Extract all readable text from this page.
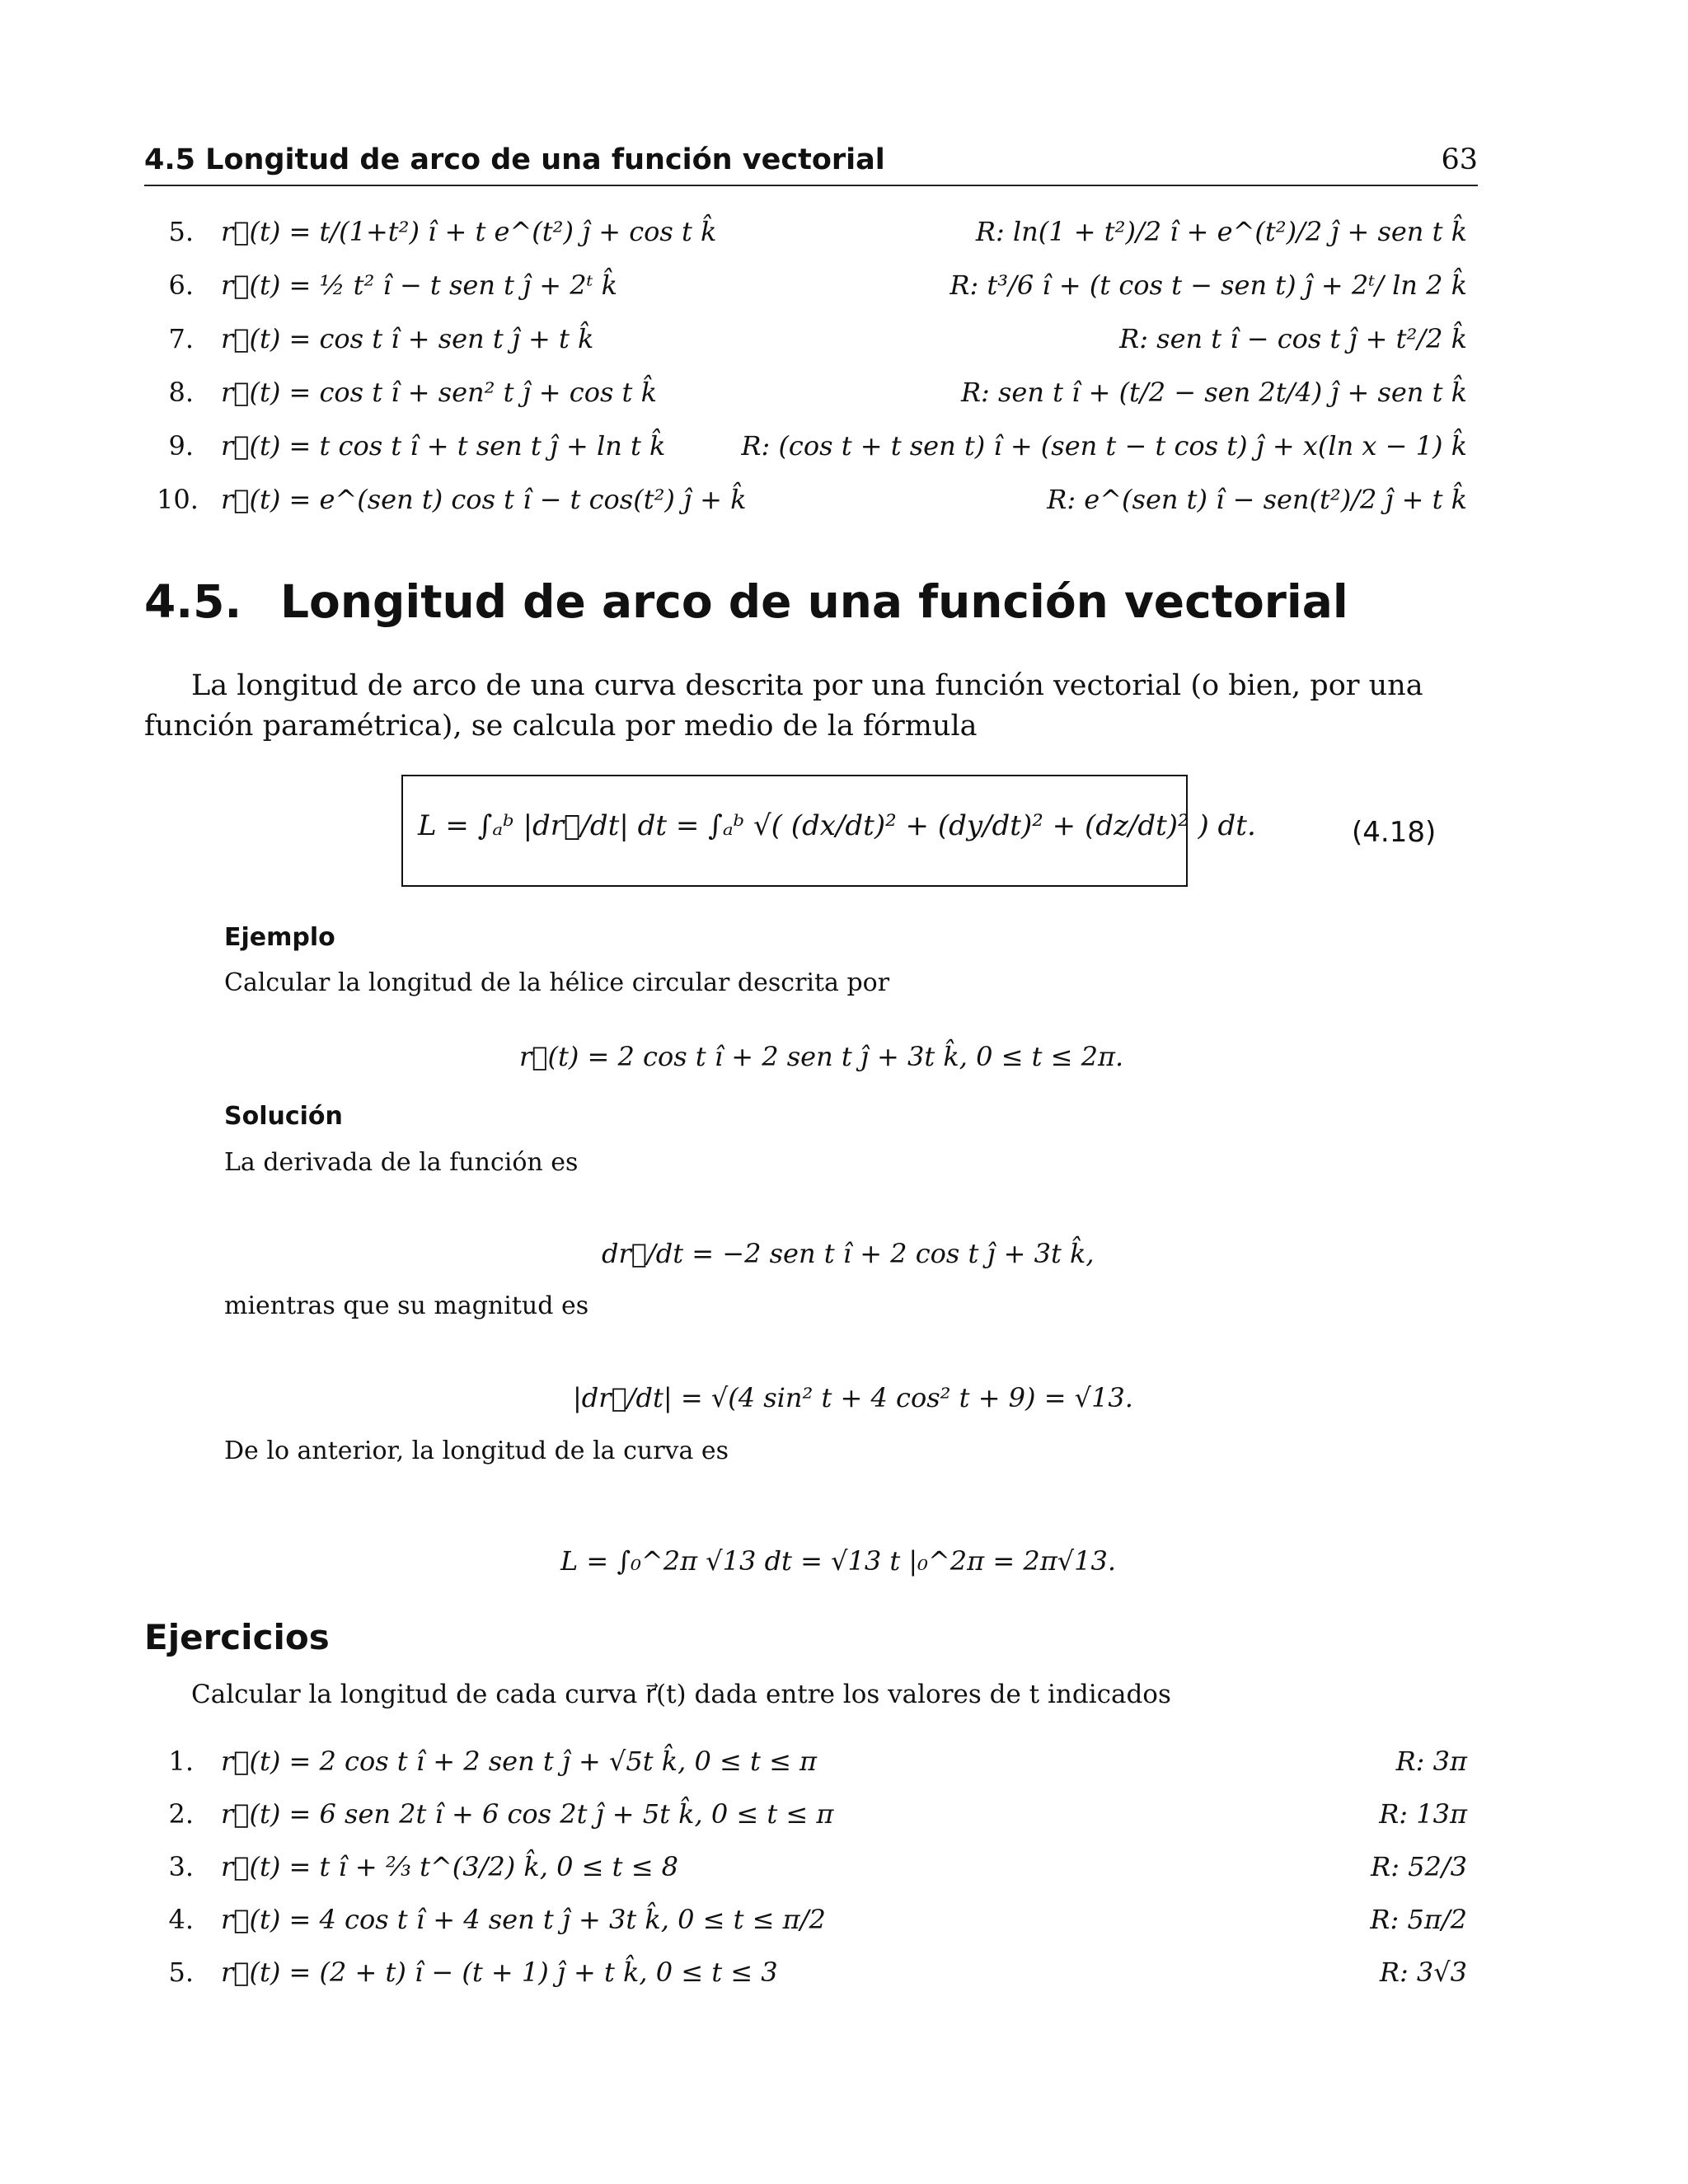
4.5 Longitud de arco de una función vectorial	63
5. r⃗(t) = t/(1+t²) î + t e^(t²) ĵ + cos t k̂	R: ln(1 + t²)/2 î + e^(t²)/2 ĵ + sen t k̂
6. r⃗(t) = ½ t² î − t sen t ĵ + 2ᵗ k̂	R: t³/6 î + (t cos t − sen t) ĵ + 2ᵗ/ ln 2 k̂
7. r⃗(t) = cos t î + sen t ĵ + t k̂	R: sen t î − cos t ĵ + t²/2 k̂
8. r⃗(t) = cos t î + sen² t ĵ + cos t k̂	R: sen t î + (t/2 − sen 2t/4) ĵ + sen t k̂
9. r⃗(t) = t cos t î + t sen t ĵ + ln t k̂	R: (cos t + t sen t) î + (sen t − t cos t) ĵ + x(ln x − 1) k̂
10. r⃗(t) = e^(sen t) cos t î − t cos(t²) ĵ + k̂	R: e^(sen t) î − sen(t²)/2 ĵ + t k̂
4.5. Longitud de arco de una función vectorial
La longitud de arco de una curva descrita por una función vectorial (o bien, por una función paramétrica), se calcula por medio de la fórmula
L = ∫ₐᵇ |dr⃗/dt| dt = ∫ₐᵇ √( (dx/dt)² + (dy/dt)² + (dz/dt)² ) dt.	(4.18)
Ejemplo
Calcular la longitud de la hélice circular descrita por
r⃗(t) = 2 cos t î + 2 sen t ĵ + 3t k̂, 0 ≤ t ≤ 2π.
Solución
La derivada de la función es
dr⃗/dt = −2 sen t î + 2 cos t ĵ + 3t k̂,
mientras que su magnitud es
|dr⃗/dt| = √(4 sin² t + 4 cos² t + 9) = √13.
De lo anterior, la longitud de la curva es
L = ∫₀^2π √13 dt = √13 t |₀^2π = 2π√13.
Ejercicios
Calcular la longitud de cada curva r⃗(t) dada entre los valores de t indicados
1. r⃗(t) = 2 cos t î + 2 sen t ĵ + √5t k̂, 0 ≤ t ≤ π	R: 3π
2. r⃗(t) = 6 sen 2t î + 6 cos 2t ĵ + 5t k̂, 0 ≤ t ≤ π	R: 13π
3. r⃗(t) = t î + ⅔ t^(3/2) k̂, 0 ≤ t ≤ 8	R: 52/3
4. r⃗(t) = 4 cos t î + 4 sen t ĵ + 3t k̂, 0 ≤ t ≤ π/2	R: 5π/2
5. r⃗(t) = (2 + t) î − (t + 1) ĵ + t k̂, 0 ≤ t ≤ 3	R: 3√3
